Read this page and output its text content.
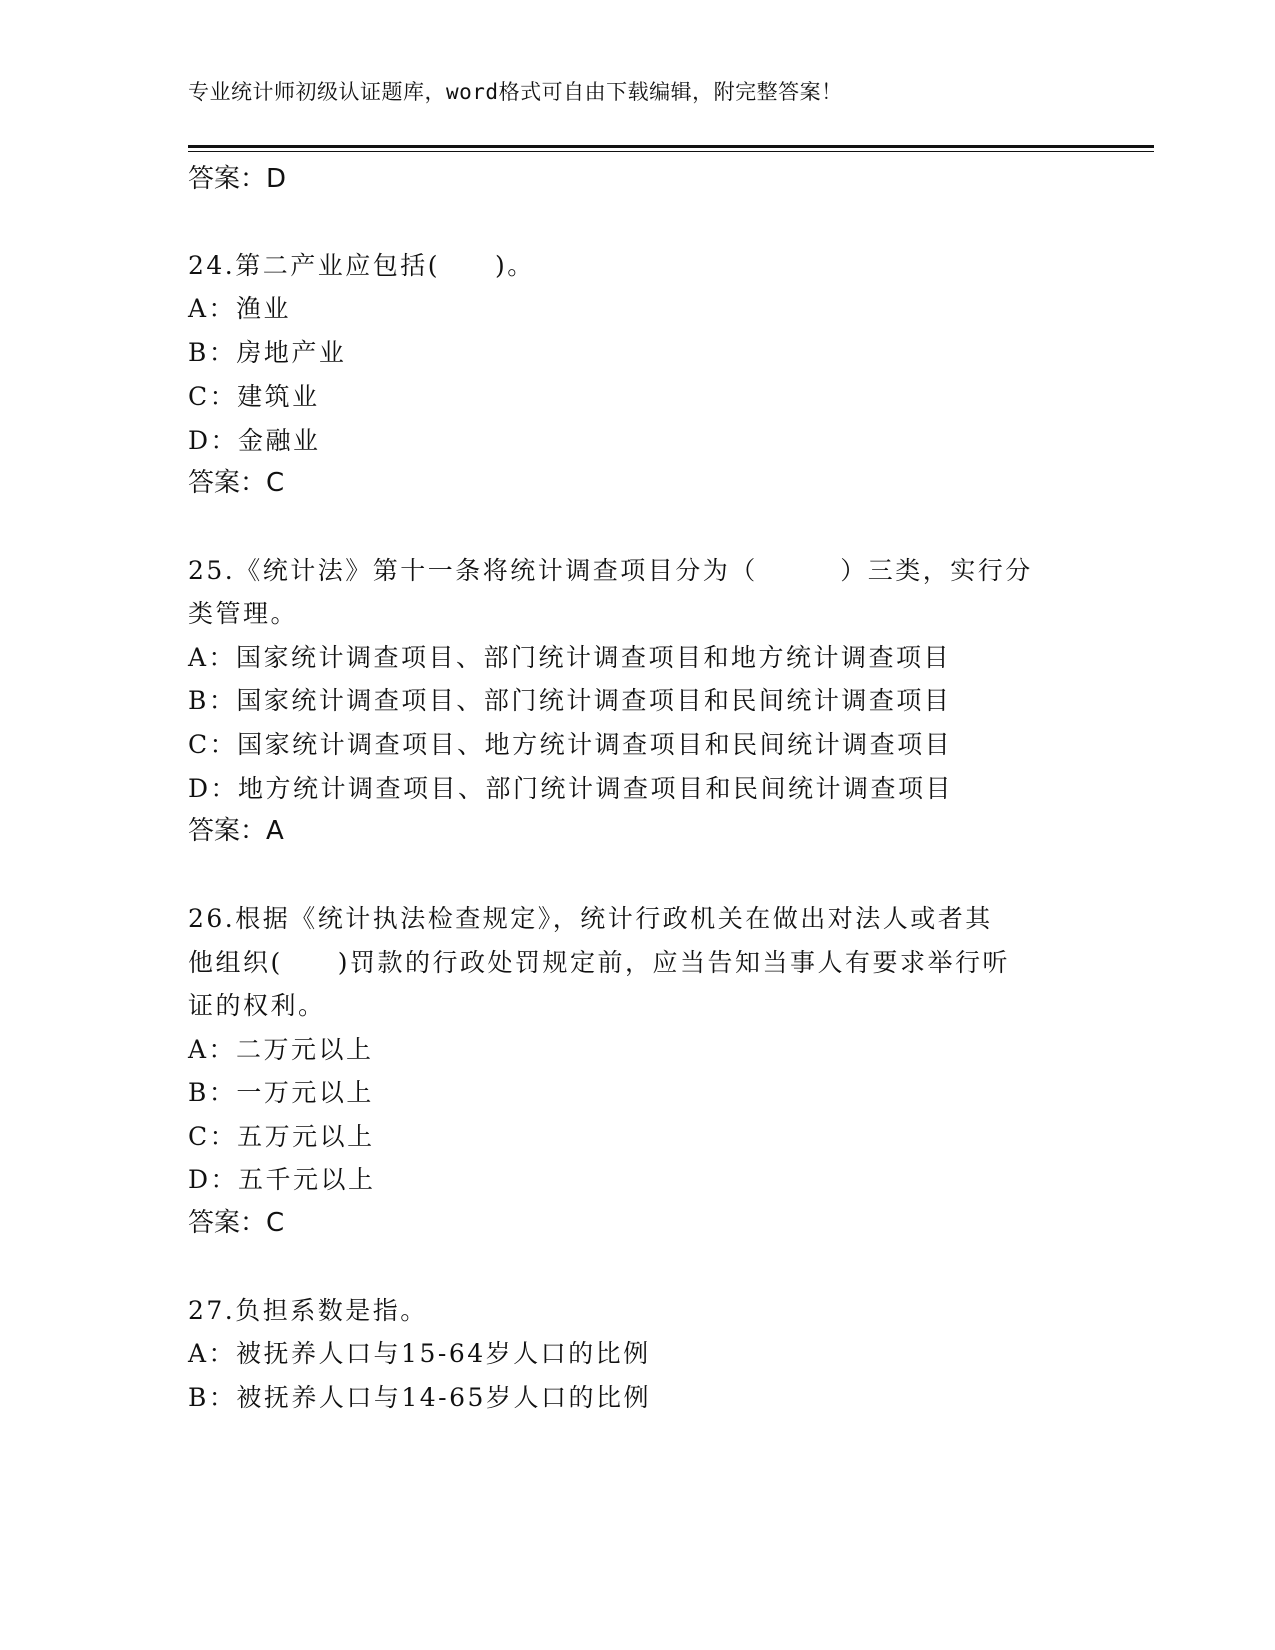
专业统计师初级认证题库，word格式可自由下载编辑，附完整答案！
答案：D
24.第二产业应包括(　　)。
A：渔业
B：房地产业
C：建筑业
D：金融业
答案：C
25.《统计法》第十一条将统计调查项目分为（　　　）三类，实行分
类管理。
A：国家统计调查项目、部门统计调查项目和地方统计调查项目
B：国家统计调查项目、部门统计调查项目和民间统计调查项目
C：国家统计调查项目、地方统计调查项目和民间统计调查项目
D：地方统计调查项目、部门统计调查项目和民间统计调查项目
答案：A
26.根据《统计执法检查规定》，统计行政机关在做出对法人或者其
他组织(　　)罚款的行政处罚规定前，应当告知当事人有要求举行听
证的权利。
A：二万元以上
B：一万元以上
C：五万元以上
D：五千元以上
答案：C
27.负担系数是指。
A：被抚养人口与15-64岁人口的比例
B：被抚养人口与14-65岁人口的比例
